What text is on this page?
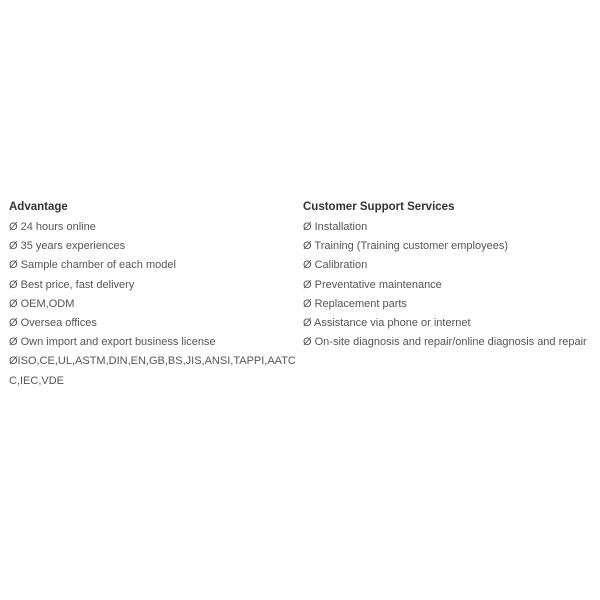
Advantage
Ø 24 hours online
Ø 35 years experiences
Ø Sample chamber of each model
Ø Best price, fast delivery
Ø OEM,ODM
Ø Oversea offices
Ø Own import and export business license
ØISO,CE,UL,ASTM,DIN,EN,GB,BS,JIS,ANSI,TAPPI,AATCC,IEC,VDE
Customer Support Services
Ø Installation
Ø Training (Training customer employees)
Ø Calibration
Ø Preventative maintenance
Ø Replacement parts
Ø Assistance via phone or internet
Ø On-site diagnosis and repair/online diagnosis and repair
